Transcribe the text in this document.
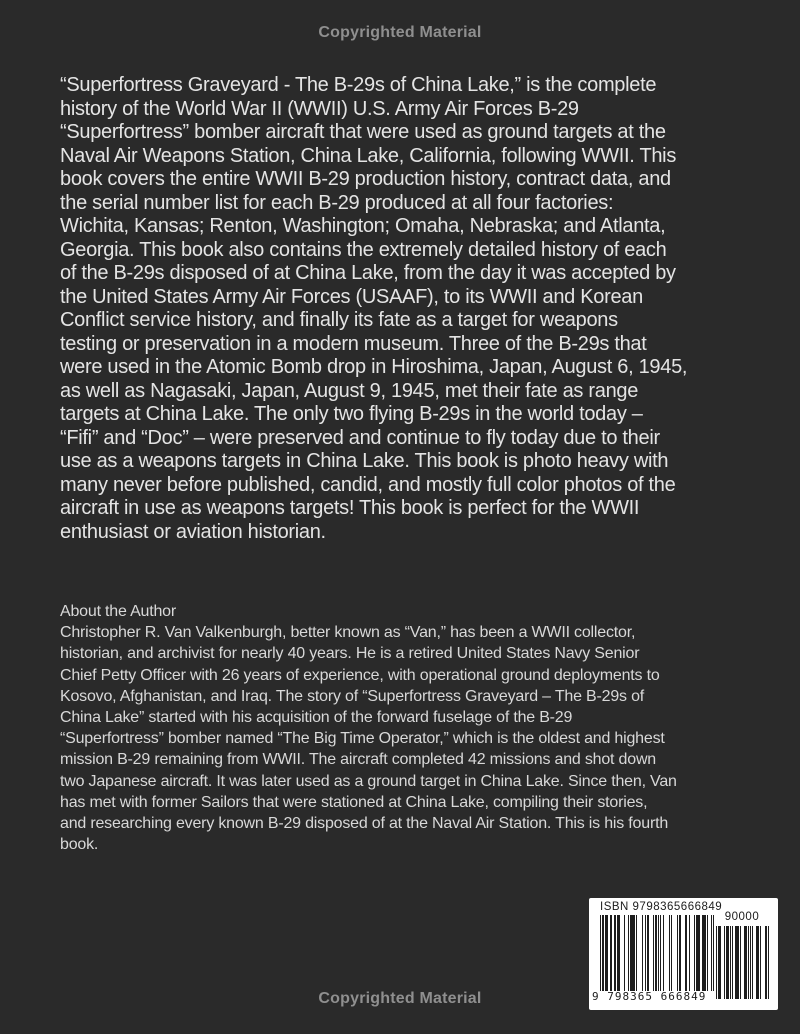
Copyrighted Material
“Superfortress Graveyard - The B-29s of China Lake,” is the complete
history of the World War II (WWII) U.S. Army Air Forces B-29
“Superfortress” bomber aircraft that were used as ground targets at the
Naval Air Weapons Station, China Lake, California, following WWII. This
book covers the entire WWII B-29 production history, contract data, and
the serial number list for each B-29 produced at all four factories:
Wichita, Kansas; Renton, Washington; Omaha, Nebraska; and Atlanta,
Georgia. This book also contains the extremely detailed history of each
of the B-29s disposed of at China Lake, from the day it was accepted by
the United States Army Air Forces (USAAF), to its WWII and Korean
Conflict service history, and finally its fate as a target for weapons
testing or preservation in a modern museum. Three of the B-29s that
were used in the Atomic Bomb drop in Hiroshima, Japan, August 6, 1945,
as well as Nagasaki, Japan, August 9, 1945, met their fate as range
targets at China Lake. The only two flying B-29s in the world today –
“Fifi” and “Doc” – were preserved and continue to fly today due to their
use as a weapons targets in China Lake. This book is photo heavy with
many never before published, candid, and mostly full color photos of the
aircraft in use as weapons targets! This book is perfect for the WWII
enthusiast or aviation historian.
About the Author
Christopher R. Van Valkenburgh, better known as “Van,” has been a WWII collector,
historian, and archivist for nearly 40 years. He is a retired United States Navy Senior
Chief Petty Officer with 26 years of experience, with operational ground deployments to
Kosovo, Afghanistan, and Iraq. The story of “Superfortress Graveyard – The B-29s of
China Lake” started with his acquisition of the forward fuselage of the B-29
“Superfortress” bomber named “The Big Time Operator,” which is the oldest and highest
mission B-29 remaining from WWII. The aircraft completed 42 missions and shot down
two Japanese aircraft. It was later used as a ground target in China Lake. Since then, Van
has met with former Sailors that were stationed at China Lake, compiling their stories,
and researching every known B-29 disposed of at the Naval Air Station. This is his fourth
book.
ISBN 9798365666849
9 798365 666849
90000
Copyrighted Material
